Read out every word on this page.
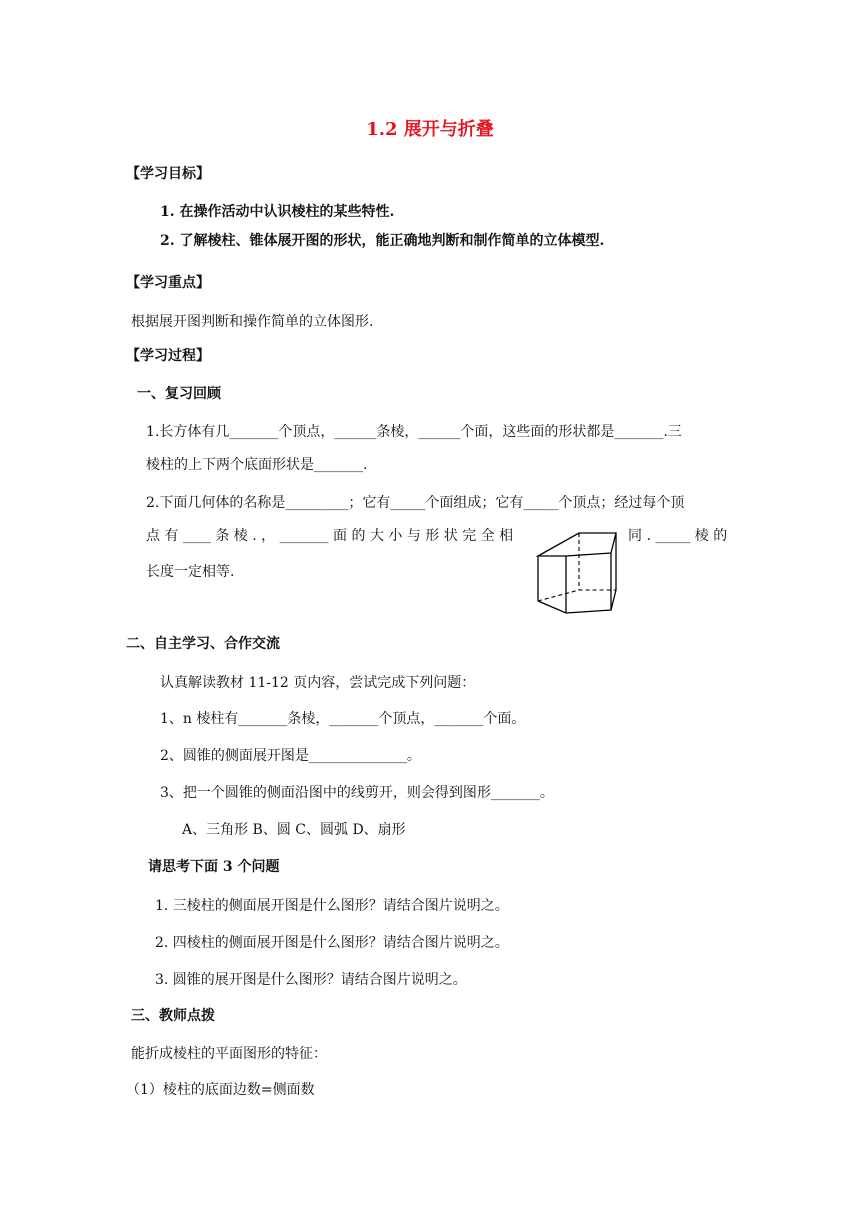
1.2 展开与折叠
【学习目标】
1. 在操作活动中认识棱柱的某些特性.
2. 了解棱柱、锥体展开图的形状，能正确地判断和制作简单的立体模型.
【学习重点】
根据展开图判断和操作简单的立体图形.
【学习过程】
一、复习回顾
1.长方体有几_______个顶点，______条棱，______个面，这些面的形状都是_______.三
棱柱的上下两个底面形状是_______.
2.下面几何体的名称是_________；它有_____个面组成；它有_____个顶点；经过每个顶
点 有 ____ 条 棱 . ， _______ 面 的 大 小 与 形 状 完 全 相	同 . _____ 棱 的
长度一定相等.
二、自主学习、合作交流
认真解读教材 11-12 页内容，尝试完成下列问题：
1、n 棱柱有_______条棱，_______个顶点，_______个面。
2、圆锥的侧面展开图是______________。
3、把一个圆锥的侧面沿图中的线剪开，则会得到图形_______。
A、三角形 B、圆 C、圆弧 D、扇形
请思考下面 3 个问题
1. 三棱柱的侧面展开图是什么图形？请结合图片说明之。
2. 四棱柱的侧面展开图是什么图形？请结合图片说明之。
3. 圆锥的展开图是什么图形？请结合图片说明之。
三、教师点拨
能折成棱柱的平面图形的特征：
（1）棱柱的底面边数=侧面数
